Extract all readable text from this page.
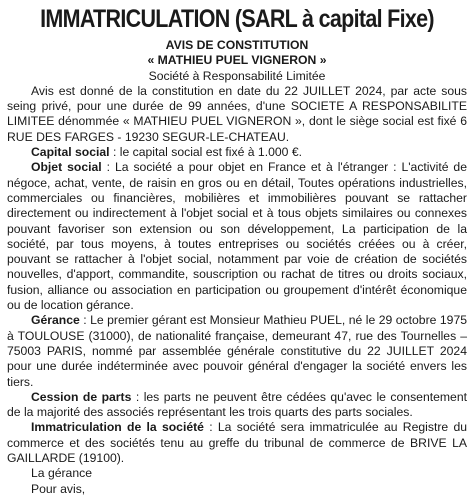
IMMATRICULATION (SARL à capital Fixe)
AVIS DE CONSTITUTION
« MATHIEU PUEL VIGNERON »
Société à Responsabilité Limitée

Avis est donné de la constitution en date du 22 JUILLET 2024, par acte sous seing privé, pour une durée de 99 années, d'une SOCIETE A RESPONSABILITE LIMITEE dénommée « MATHIEU PUEL VIGNERON », dont le siège social est fixé 6 RUE DES FARGES - 19230 SEGUR-LE-CHATEAU.

Capital social : le capital social est fixé à 1.000 €.

Objet social : La société a pour objet en France et à l'étranger : L'activité de négoce, achat, vente, de raisin en gros ou en détail, Toutes opérations industrielles, commerciales ou financières, mobilières et immobilières pouvant se rattacher directement ou indirectement à l'objet social et à tous objets similaires ou connexes pouvant favoriser son extension ou son développement, La participation de la société, par tous moyens, à toutes entreprises ou sociétés créées ou à créer, pouvant se rattacher à l'objet social, notamment par voie de création de sociétés nouvelles, d'apport, commandite, souscription ou rachat de titres ou droits sociaux, fusion, alliance ou association en participation ou groupement d'intérêt économique ou de location gérance.

Gérance : Le premier gérant est Monsieur Mathieu PUEL, né le 29 octobre 1975 à TOULOUSE (31000), de nationalité française, demeurant 47, rue des Tournelles – 75003 PARIS, nommé par assemblée générale constitutive du 22 JUILLET 2024 pour une durée indéterminée avec pouvoir général d'engager la société envers les tiers.

Cession de parts : les parts ne peuvent être cédées qu'avec le consentement de la majorité des associés représentant les trois quarts des parts sociales.

Immatriculation de la société : La société sera immatriculée au Registre du commerce et des sociétés tenu au greffe du tribunal de commerce de BRIVE LA GAILLARDE (19100).

La gérance
Pour avis,
